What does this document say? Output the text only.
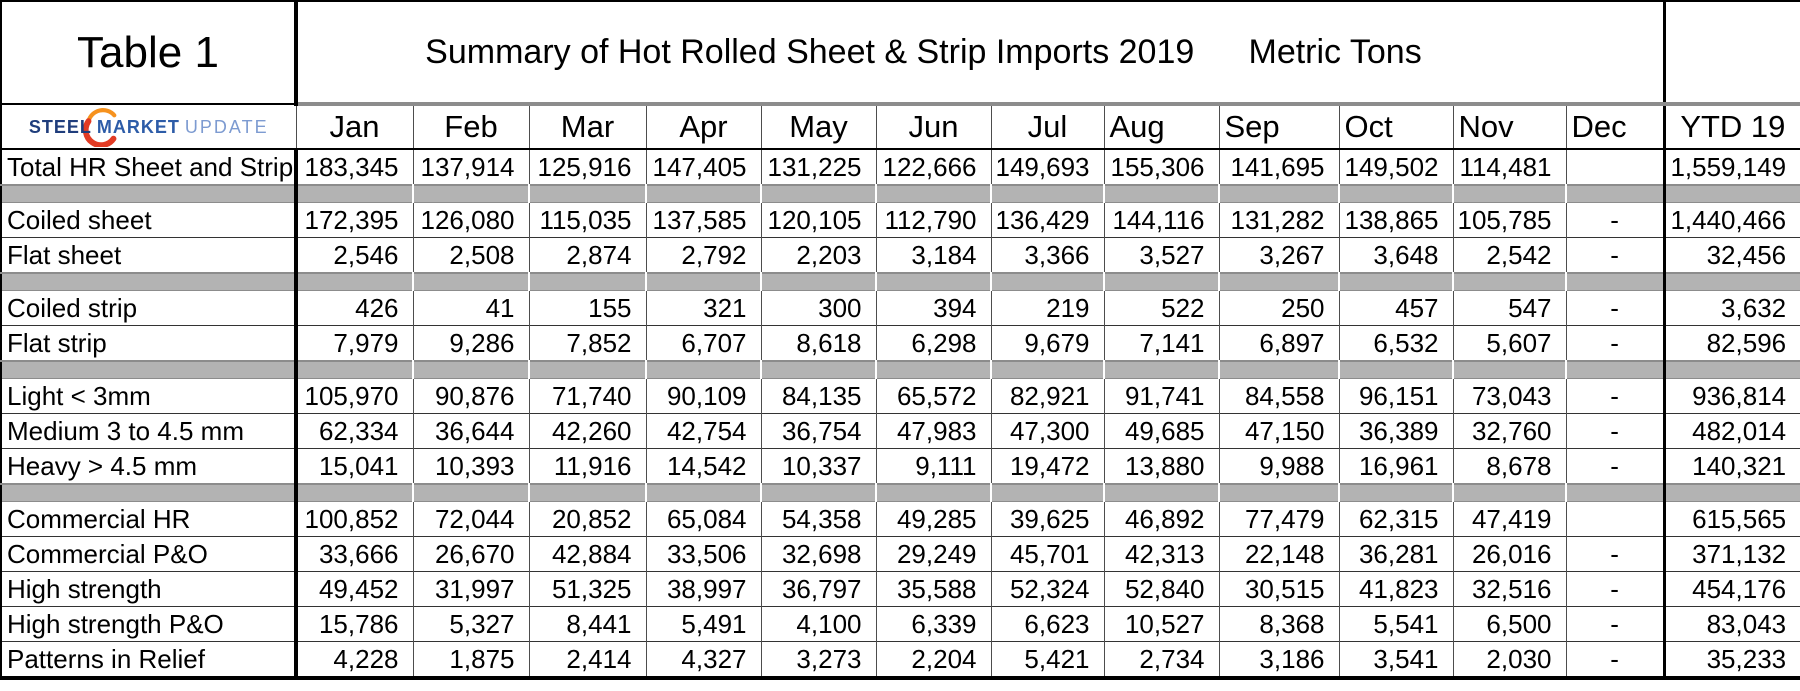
Table 1	Summary of Hot Rolled Sheet & Strip Imports 2019 Metric Tons												

STEEL MARKET UPDATE	Jan	Feb	Mar	Apr	May	Jun	Jul	Aug	Sep	Oct	Nov	Dec	YTD 19
Total HR Sheet and Strip	183,345	137,914	125,916	147,405	131,225	122,666	149,693	155,306	141,695	149,502	114,481		1,559,149

Coiled sheet	172,395	126,080	115,035	137,585	120,105	112,790	136,429	144,116	131,282	138,865	105,785	-	1,440,466
Flat sheet	2,546	2,508	2,874	2,792	2,203	3,184	3,366	3,527	3,267	3,648	2,542	-	32,456

Coiled strip	426	41	155	321	300	394	219	522	250	457	547	-	3,632
Flat strip	7,979	9,286	7,852	6,707	8,618	6,298	9,679	7,141	6,897	6,532	5,607	-	82,596

Light < 3mm	105,970	90,876	71,740	90,109	84,135	65,572	82,921	91,741	84,558	96,151	73,043	-	936,814
Medium 3 to 4.5 mm	62,334	36,644	42,260	42,754	36,754	47,983	47,300	49,685	47,150	36,389	32,760	-	482,014
Heavy > 4.5 mm	15,041	10,393	11,916	14,542	10,337	9,111	19,472	13,880	9,988	16,961	8,678	-	140,321

Commercial HR	100,852	72,044	20,852	65,084	54,358	49,285	39,625	46,892	77,479	62,315	47,419		615,565
Commercial P&O	33,666	26,670	42,884	33,506	32,698	29,249	45,701	42,313	22,148	36,281	26,016	-	371,132
High strength	49,452	31,997	51,325	38,997	36,797	35,588	52,324	52,840	30,515	41,823	32,516	-	454,176
High strength P&O	15,786	5,327	8,441	5,491	4,100	6,339	6,623	10,527	8,368	5,541	6,500	-	83,043
Patterns in Relief	4,228	1,875	2,414	4,327	3,273	2,204	5,421	2,734	3,186	3,541	2,030	-	35,233
